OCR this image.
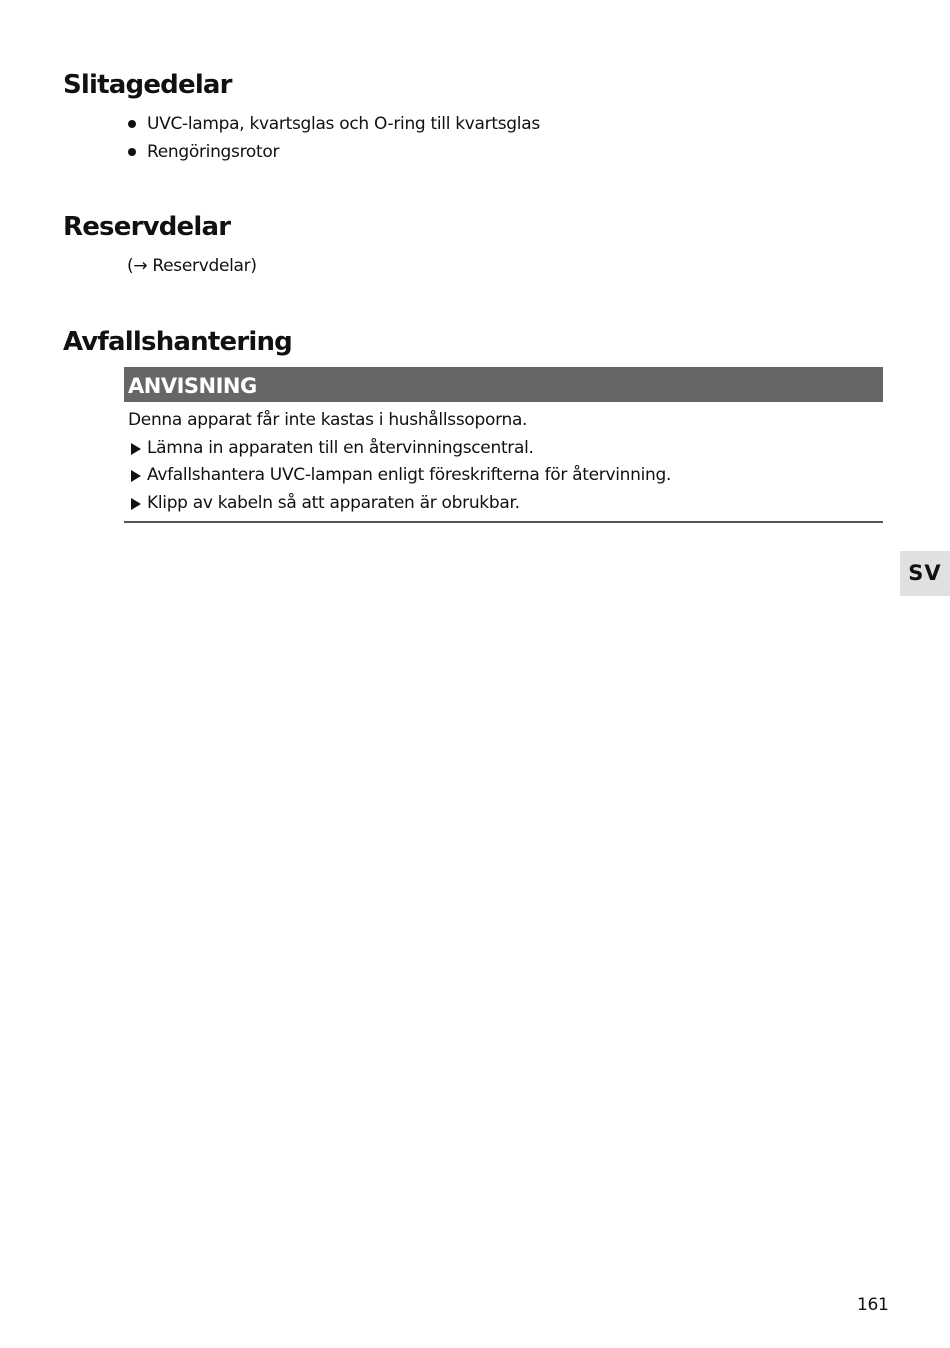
Slitagedelar
UVC-lampa, kvartsglas och O-ring till kvartsglas
Rengöringsrotor
Reservdelar
(→ Reservdelar)
Avfallshantering
ANVISNING
Denna apparat får inte kastas i hushållssoporna.
Lämna in apparaten till en återvinningscentral.
Avfallshantera UVC-lampan enligt föreskrifterna för återvinning.
Klipp av kabeln så att apparaten är obrukbar.
SV
161
